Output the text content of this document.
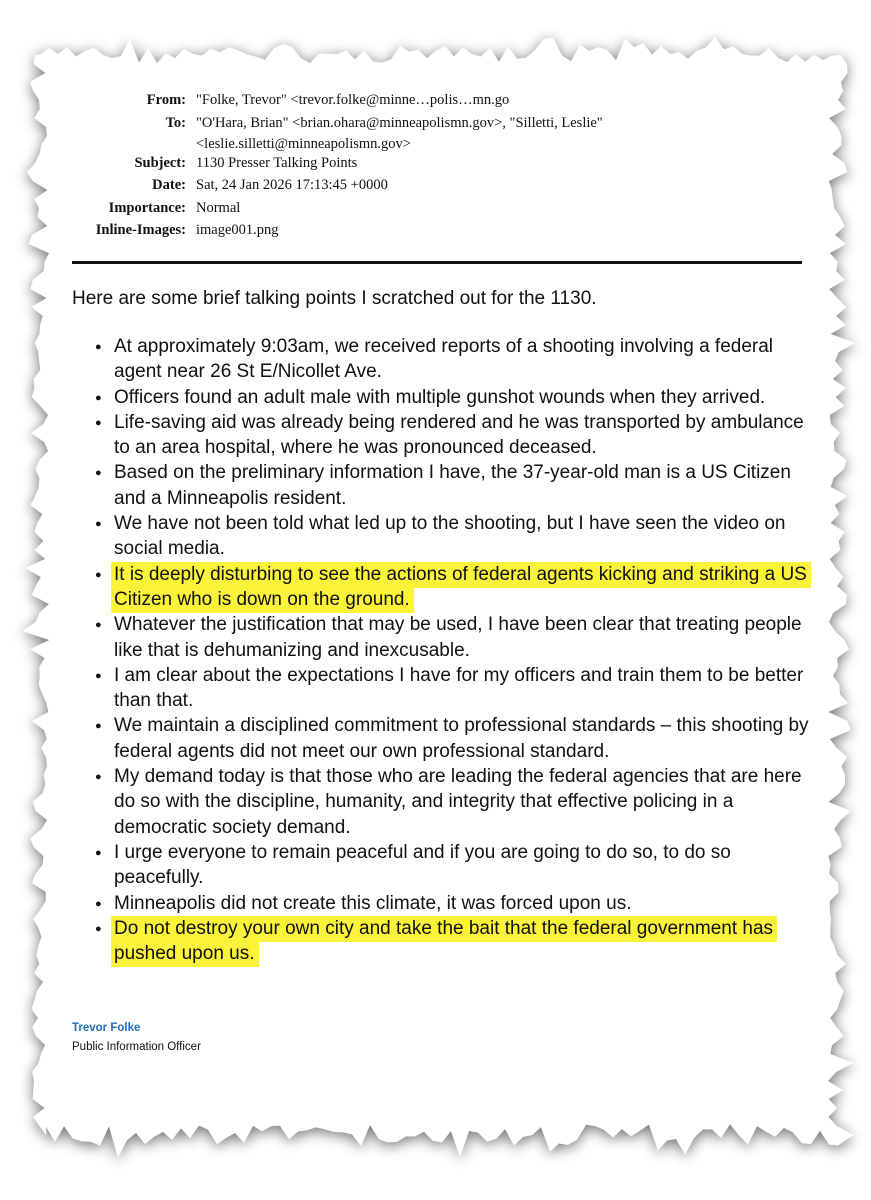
From: "Folke, Trevor" <trevor.folke@minne…polis…mn.go
To: "O'Hara, Brian" <brian.ohara@minneapolismn.gov>, "Silletti, Leslie"
<leslie.silletti@minneapolismn.gov>
Subject: 1130 Presser Talking Points
Date: Sat, 24 Jan 2026 17:13:45 +0000
Importance: Normal
Inline-Images: image001.png
Here are some brief talking points I scratched out for the 1130.
● At approximately 9:03am, we received reports of a shooting involving a federal agent near 26 St E/Nicollet Ave.
● Officers found an adult male with multiple gunshot wounds when they arrived.
● Life-saving aid was already being rendered and he was transported by ambulance to an area hospital, where he was pronounced deceased.
● Based on the preliminary information I have, the 37-year-old man is a US Citizen and a Minneapolis resident.
● We have not been told what led up to the shooting, but I have seen the video on social media.
● It is deeply disturbing to see the actions of federal agents kicking and striking a US Citizen who is down on the ground.
● Whatever the justification that may be used, I have been clear that treating people like that is dehumanizing and inexcusable.
● I am clear about the expectations I have for my officers and train them to be better than that.
● We maintain a disciplined commitment to professional standards – this shooting by federal agents did not meet our own professional standard.
● My demand today is that those who are leading the federal agencies that are here do so with the discipline, humanity, and integrity that effective policing in a democratic society demand.
● I urge everyone to remain peaceful and if you are going to do so, to do so peacefully.
● Minneapolis did not create this climate, it was forced upon us.
● Do not destroy your own city and take the bait that the federal government has pushed upon us.
Trevor Folke
Public Information Officer
